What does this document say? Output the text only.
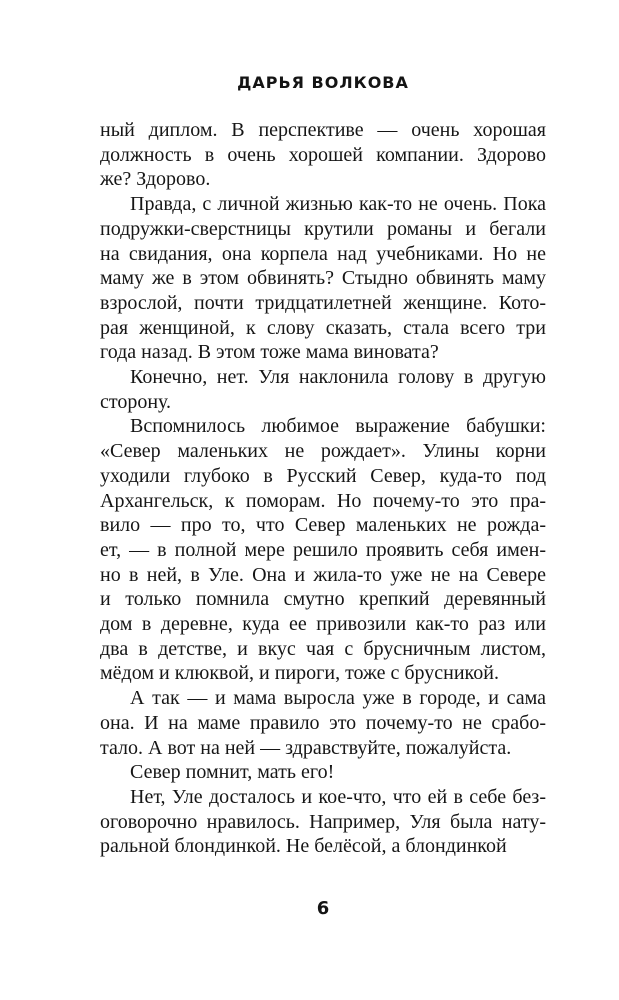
ДАРЬЯ ВОЛКОВА
ный диплом. В перспективе — очень хорошая
должность в очень хорошей компании. Здорово
же? Здорово.
Правда, с личной жизнью как-то не очень. Пока
подружки-сверстницы крутили романы и бегали
на свидания, она корпела над учебниками. Но не
маму же в этом обвинять? Стыдно обвинять маму
взрослой, почти тридцатилетней женщине. Кото-
рая женщиной, к слову сказать, стала всего три
года назад. В этом тоже мама виновата?
Конечно, нет. Уля наклонила голову в другую
сторону.
Вспомнилось любимое выражение бабушки:
«Север маленьких не рождает». Улины корни
уходили глубоко в Русский Север, куда-то под
Архангельск, к поморам. Но почему-то это пра-
вило — про то, что Север маленьких не рожда-
ет, — в полной мере решило проявить себя имен-
но в ней, в Уле. Она и жила-то уже не на Севере
и только помнила смутно крепкий деревянный
дом в деревне, куда ее привозили как-то раз или
два в детстве, и вкус чая с брусничным листом,
мёдом и клюквой, и пироги, тоже с брусникой.
А так — и мама выросла уже в городе, и сама
она. И на маме правило это почему-то не срабо-
тало. А вот на ней — здравствуйте, пожалуйста.
Север помнит, мать его!
Нет, Уле досталось и кое-что, что ей в себе без-
оговорочно нравилось. Например, Уля была нату-
ральной блондинкой. Не белёсой, а блондинкой
6
